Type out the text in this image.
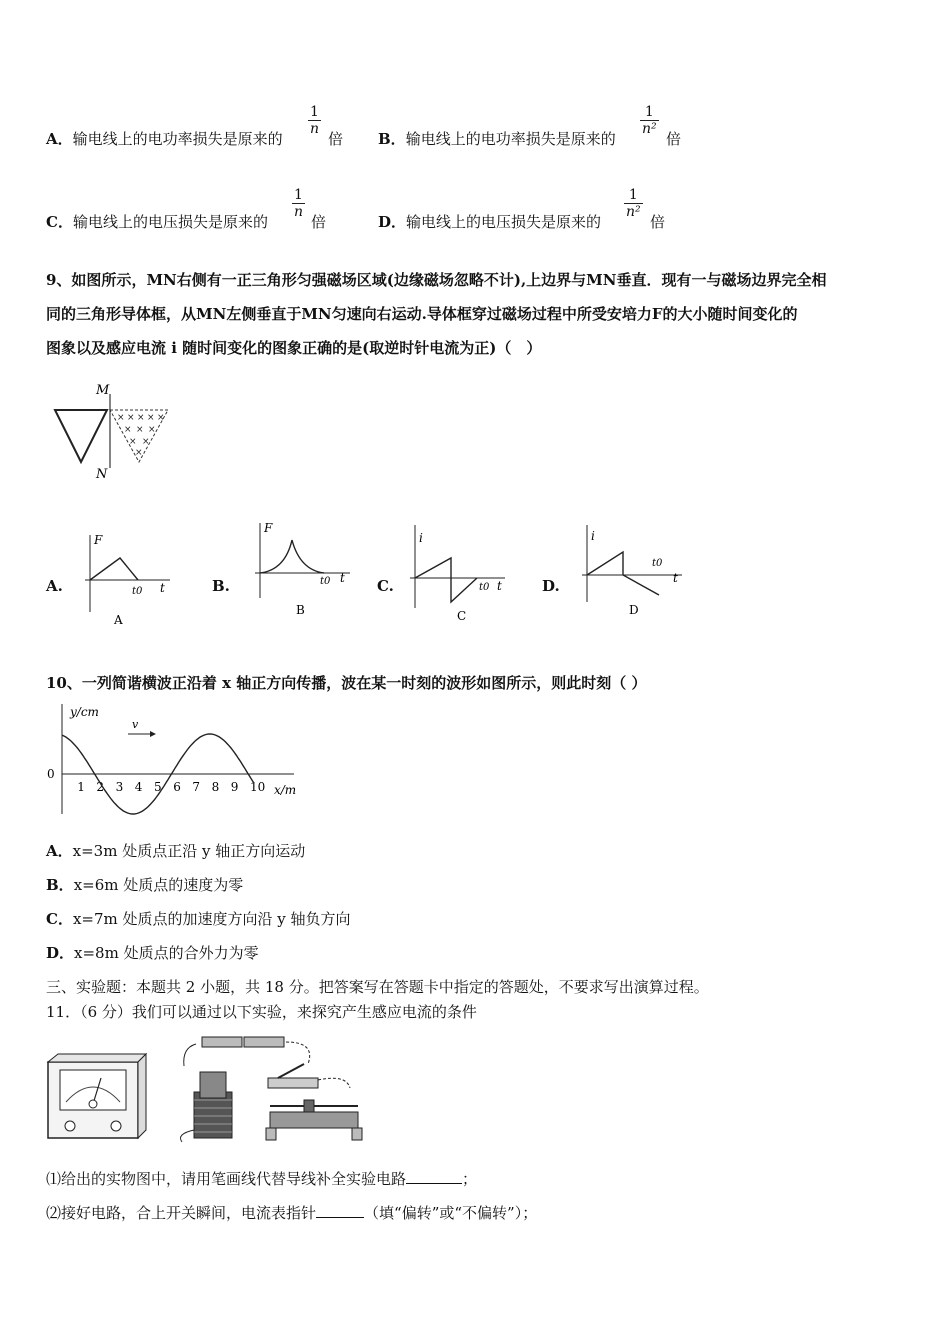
A．输电线上的电功率损失是原来的
$\frac{1}{n}$
倍 B．输电线上的电功率损失是原来的
$\frac{1}{\text{n²}}$
倍
C．输电线上的电压损失是原来的
$\frac{1}{n}$
倍	D．输电线上的电压损失是原来的
$\frac{1}{\text{n²}}$
倍
9、如图所示，MN右侧有一正三角形匀强磁场区域(边缘磁场忽略不计),上边界与MN垂直．现有一与磁场边界完全相
同的三角形导体框，从MN左侧垂直于MN匀速向右运动.导体框穿过磁场过程中所受安培力F的大小随时间变化的
图象以及感应电流 i 随时间变化的图象正确的是(取逆时针电流为正)（　）
× × × × ×
× × ×
× ×
×
M
N
A.
F
t
t0
A
B.
F
t
t0
B
C.
i
t
t0
C
D.
i
t
t0
D
10、一列简谐横波正沿着 x 轴正方向传播，波在某一时刻的波形如图所示，则此时刻（ ）
y/cm
0
x/m
v
1 2 3 4 5 6 7 8 9 10
A．x=3m 处质点正沿 y 轴正方向运动
B．x=6m 处质点的速度为零
C．x=7m 处质点的加速度方向沿 y 轴负方向
D．x=8m 处质点的合外力为零
三、实验题：本题共 2 小题，共 18 分。把答案写在答题卡中指定的答题处，不要求写出演算过程。
11．（6 分）我们可以通过以下实验，来探究产生感应电流的条件
⑴给出的实物图中，请用笔画线代替导线补全实验电路	；
⑵接好电路，合上开关瞬间，电流表指针	（填“偏转”或“不偏转”）；
